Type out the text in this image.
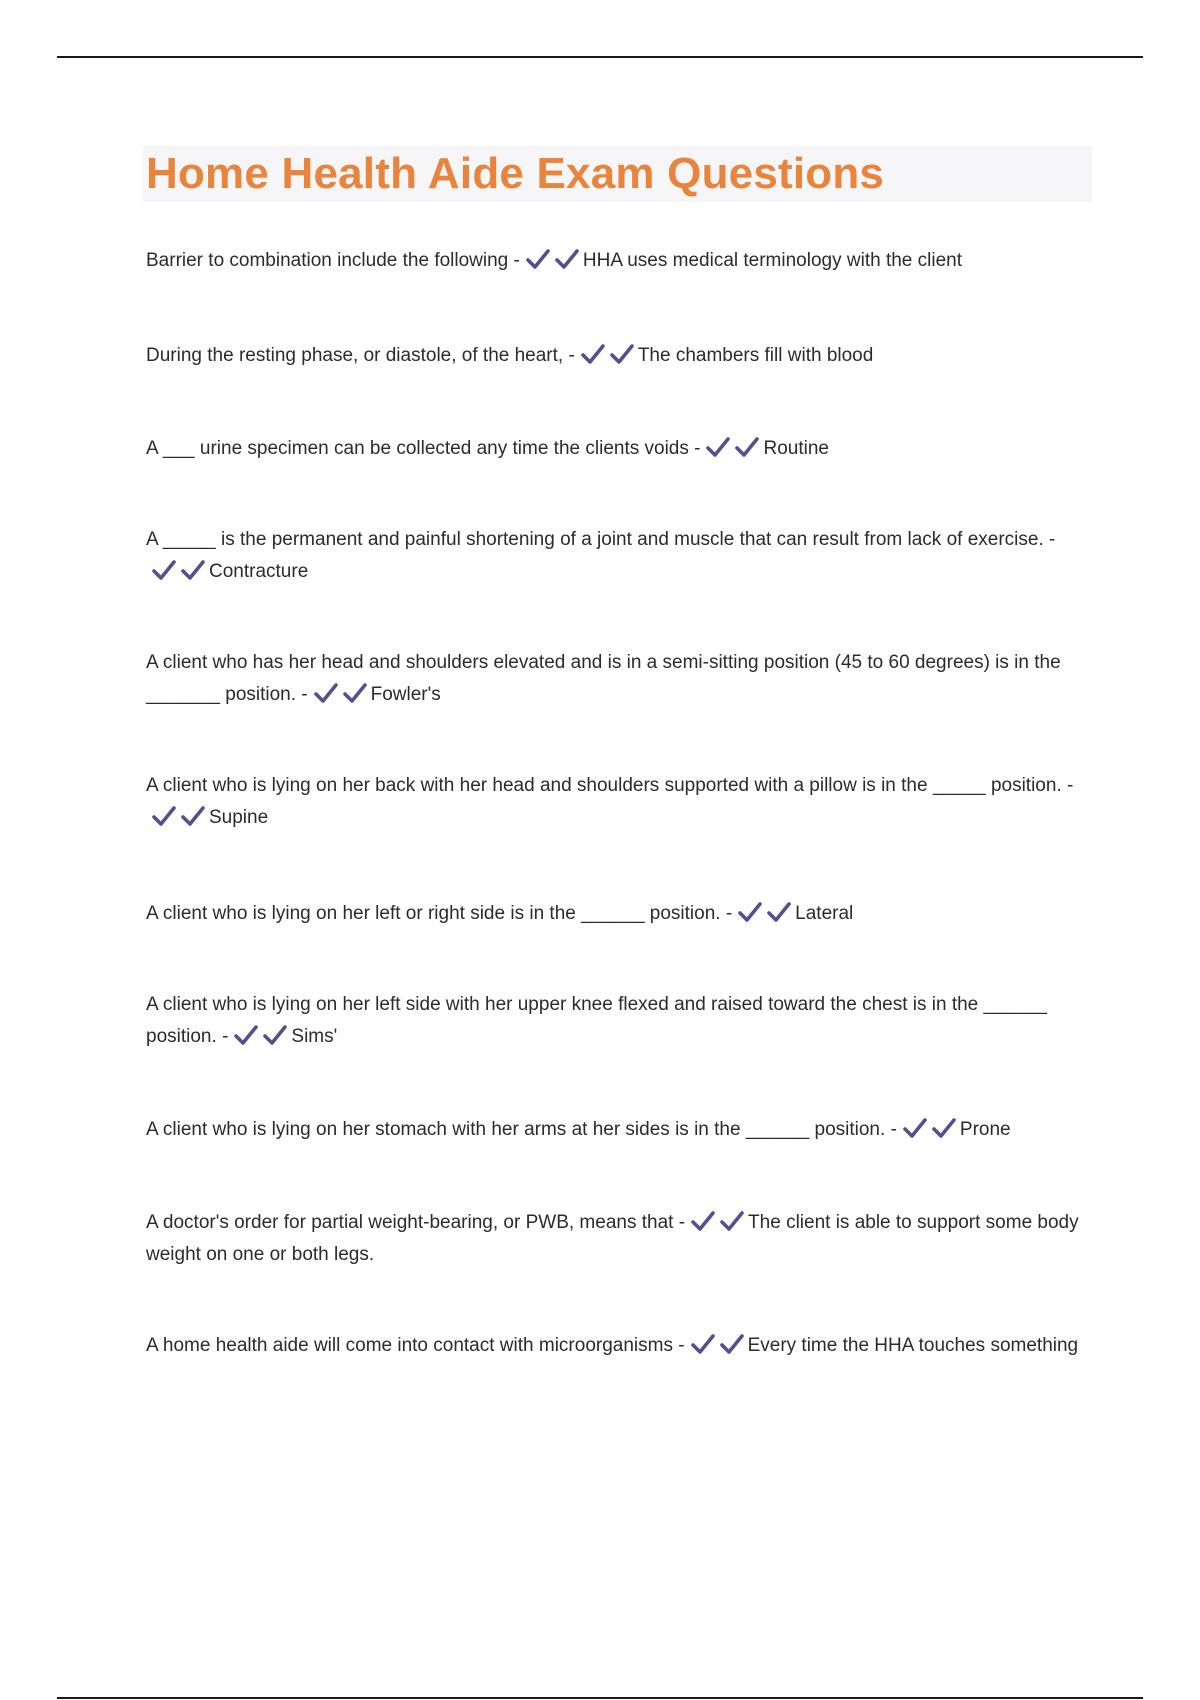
Home Health Aide Exam Questions

Barrier to combination include the following -	HHA uses medical terminology with the client

During the resting phase, or diastole, of the heart, -	The chambers fill with blood

A ___ urine specimen can be collected any time the clients voids -	Routine

A _____ is the permanent and painful shortening of a joint and muscle that can result from lack of exercise. -
Contracture

A client who has her head and shoulders elevated and is in a semi-sitting position (45 to 60 degrees) is in the _______ position. -	Fowler's

A client who is lying on her back with her head and shoulders supported with a pillow is in the _____ position. -
Supine

A client who is lying on her left or right side is in the ______ position. -	Lateral

A client who is lying on her left side with her upper knee flexed and raised toward the chest is in the ______ position. -	Sims'

A client who is lying on her stomach with her arms at her sides is in the ______ position. -	Prone

A doctor's order for partial weight-bearing, or PWB, means that -	The client is able to support some body weight on one or both legs.

A home health aide will come into contact with microorganisms -	Every time the HHA touches something
